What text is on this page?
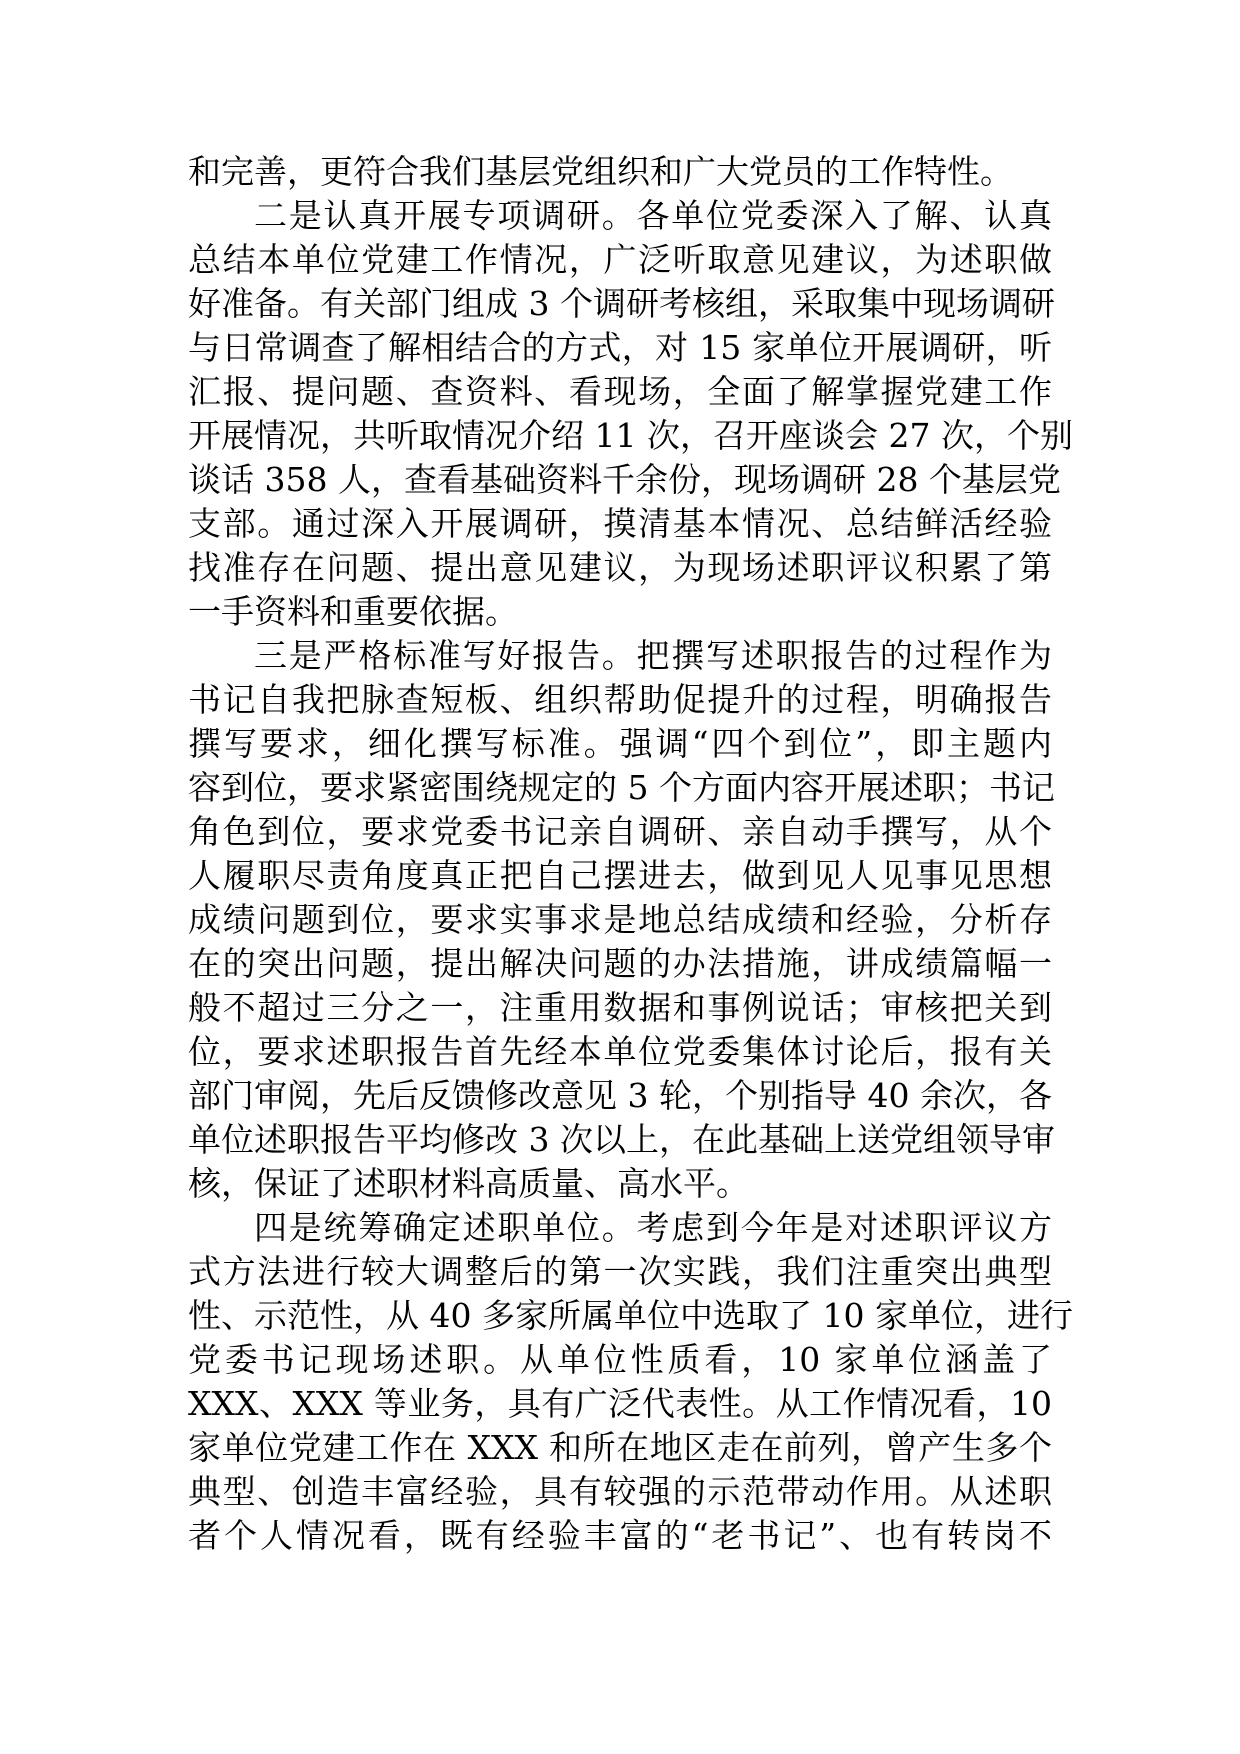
和完善，更符合我们基层党组织和广大党员的工作特性。
二是认真开展专项调研。各单位党委深入了解、认真
总结本单位党建工作情况，广泛听取意见建议，为述职做
好准备。有关部门组成 3 个调研考核组，采取集中现场调研
与日常调查了解相结合的方式，对 15 家单位开展调研，听
汇报、提问题、查资料、看现场，全面了解掌握党建工作
开展情况，共听取情况介绍 11 次，召开座谈会 27 次，个别
谈话 358 人，查看基础资料千余份，现场调研 28 个基层党
支部。通过深入开展调研，摸清基本情况、总结鲜活经验
找准存在问题、提出意见建议，为现场述职评议积累了第
一手资料和重要依据。
三是严格标准写好报告。把撰写述职报告的过程作为
书记自我把脉查短板、组织帮助促提升的过程，明确报告
撰写要求，细化撰写标准。强调“四个到位”，即主题内
容到位，要求紧密围绕规定的 5 个方面内容开展述职；书记
角色到位，要求党委书记亲自调研、亲自动手撰写，从个
人履职尽责角度真正把自己摆进去，做到见人见事见思想
成绩问题到位，要求实事求是地总结成绩和经验，分析存
在的突出问题，提出解决问题的办法措施，讲成绩篇幅一
般不超过三分之一，注重用数据和事例说话；审核把关到
位，要求述职报告首先经本单位党委集体讨论后，报有关
部门审阅，先后反馈修改意见 3 轮，个别指导 40 余次，各
单位述职报告平均修改 3 次以上，在此基础上送党组领导审
核，保证了述职材料高质量、高水平。
四是统筹确定述职单位。考虑到今年是对述职评议方
式方法进行较大调整后的第一次实践，我们注重突出典型
性、示范性，从 40 多家所属单位中选取了 10 家单位，进行
党委书记现场述职。从单位性质看，10 家单位涵盖了
XXX、XXX 等业务，具有广泛代表性。从工作情况看，10
家单位党建工作在 XXX 和所在地区走在前列，曾产生多个
典型、创造丰富经验，具有较强的示范带动作用。从述职
者个人情况看，既有经验丰富的“老书记”、也有转岗不
